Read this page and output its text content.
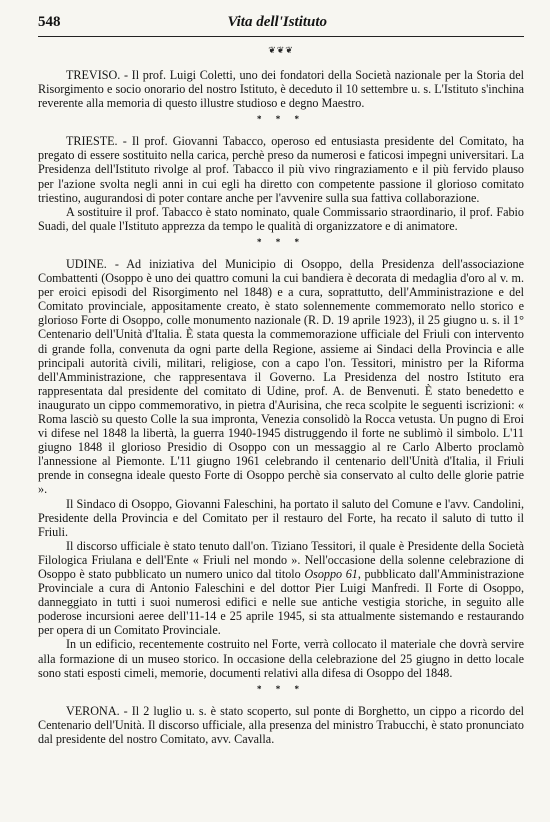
548	Vita dell'Istituto
❦❦❦

TREVISO. - Il prof. Luigi Coletti, uno dei fondatori della Società nazionale per la Storia del Risorgimento e socio onorario del nostro Istituto, è deceduto il 10 settembre u. s. L'Istituto s'inchina reverente alla memoria di questo illustre studioso e degno Maestro.

* * *

TRIESTE. - Il prof. Giovanni Tabacco, operoso ed entusiasta presidente del Comitato, ha pregato di essere sostituito nella carica, perchè preso da numerosi e faticosi impegni universitari. La Presidenza dell'Istituto rivolge al prof. Tabacco il più vivo ringraziamento e il più fervido plauso per l'azione svolta negli anni in cui egli ha diretto con competente passione il glorioso comitato triestino, augurandosi di poter contare anche per l'avvenire sulla sua fattiva collaborazione.

A sostituire il prof. Tabacco è stato nominato, quale Commissario straordinario, il prof. Fabio Suadi, del quale l'Istituto apprezza da tempo le qualità di organizzatore e di animatore.

* * *

UDINE. - Ad iniziativa del Municipio di Osoppo, della Presidenza dell'associazione Combattenti (Osoppo è uno dei quattro comuni la cui bandiera è decorata di medaglia d'oro al v. m. per eroici episodi del Risorgimento nel 1848) e a cura, soprattutto, dell'Amministrazione e del Comitato provinciale, appositamente creato, è stato solennemente commemorato nello storico e glorioso Forte di Osoppo, colle monumento nazionale (R. D. 19 aprile 1923), il 25 giugno u. s. il 1° Centenario dell'Unità d'Italia. È stata questa la commemorazione ufficiale del Friuli con intervento di grande folla, convenuta da ogni parte della Regione, assieme ai Sindaci della Provincia e alle principali autorità civili, militari, religiose, con a capo l'on. Tessitori, ministro per la Riforma dell'Amministrazione, che rappresentava il Governo. La Presidenza del nostro Istituto era rappresentata dal presidente del comitato di Udine, prof. A. de Benvenuti. È stato benedetto e inaugurato un cippo commemorativo, in pietra d'Aurisina, che reca scolpite le seguenti iscrizioni: « Roma lasciò su questo Colle la sua impronta, Venezia consolidò la Rocca vetusta. Un pugno di Eroi vi difese nel 1848 la libertà, la guerra 1940-1945 distruggendo il forte ne sublimò il simbolo. L'11 giugno 1848 il glorioso Presidio di Osoppo con un messaggio al re Carlo Alberto proclamò l'annessione al Piemonte. L'11 giugno 1961 celebrando il centenario dell'Unità d'Italia, il Friuli prende in consegna ideale questo Forte di Osoppo perchè sia conservato al culto delle glorie patrie ».

Il Sindaco di Osoppo, Giovanni Faleschini, ha portato il saluto del Comune e l'avv. Candolini, Presidente della Provincia e del Comitato per il restauro del Forte, ha recato il saluto di tutto il Friuli.

Il discorso ufficiale è stato tenuto dall'on. Tiziano Tessitori, il quale è Presidente della Società Filologica Friulana e dell'Ente « Friuli nel mondo ». Nell'occasione della solenne celebrazione di Osoppo è stato pubblicato un numero unico dal titolo Osoppo 61, pubblicato dall'Amministrazione Provinciale a cura di Antonio Faleschini e del dottor Pier Luigi Manfredi. Il Forte di Osoppo, danneggiato in tutti i suoi numerosi edifici e nelle sue antiche vestigia storiche, in seguito alle poderose incursioni aeree dell'11-14 e 25 aprile 1945, si sta attualmente sistemando e restaurando per opera di un Comitato Provinciale.

In un edificio, recentemente costruito nel Forte, verrà collocato il materiale che dovrà servire alla formazione di un museo storico. In occasione della celebrazione del 25 giugno in detto locale sono stati esposti cimeli, memorie, documenti relativi alla difesa di Osoppo del 1848.

* * *

VERONA. - Il 2 luglio u. s. è stato scoperto, sul ponte di Borghetto, un cippo a ricordo del Centenario dell'Unità. Il discorso ufficiale, alla presenza del ministro Trabucchi, è stato pronunciato dal presidente del nostro Comitato, avv. Cavalla.
